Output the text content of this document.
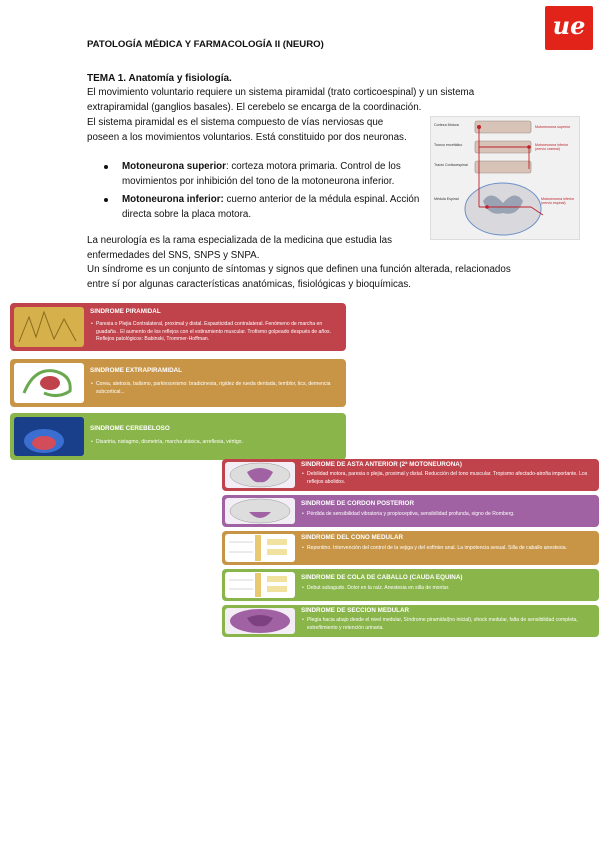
ue
PATOLOGÍA MÉDICA Y FARMACOLOGÍA II (NEURO)
TEMA 1. Anatomía y fisiología.

El movimiento voluntario requiere un sistema piramidal (trato corticoespinal) y un sistema extrapiramidal (ganglios basales). El cerebelo se encarga de la coordinación.

El sistema piramidal es el sistema compuesto de vías nerviosas que poseen a los movimientos voluntarios. Está constituido por dos neuronas.

Motoneurona superior: corteza motora primaria. Control de los movimientos por inhibición del tono de la motoneurona inferior.
Motoneurona inferior: cuerno anterior de la médula espinal. Acción directa sobre la placa motora.

La neurología es la rama especializada de la medicina que estudia las enfermedades del SNS, SNPS y SNPA.

Un síndrome es un conjunto de síntomas y signos que definen una función alterada, relacionados entre sí por algunas características anatómicas, fisiológicas y bioquímicas.

Corteza Motora
Tronco encefálico
Tracto Corticoespinal
Médula Espinal
Motoneurona superior
Motoneurona inferior (nervio craneal)
Motoneurona inferior (nervio espinal)
SINDROME PIRAMIDAL

• Paresia o Plejia Contralateral, proximal y distal. Espasticidad contralateral. Fenómeno de marcha en guadaña . El aumento de los reflejos con el estiramiento muscular. Trofismo golpeado después de años. Reflejos patológicos: Babinski, Trommer-Hoffman.

SINDROME EXTRAPIRAMIDAL

• Corea, atetosis, balismo, parkinsonismo: bradicinesia, rigidez de rueda dentada, temblor, tics, demencia subcortical...

SINDROME CEREBELOSO

• Disartria, nistagmo, dismetría, marcha atáxica, arreflexia, vértigo.

SINDROME DE ASTA ANTERIOR (2ª MOTONEURONA)

• Debilidad motora, paresia o plejia, proximal y distal. Reducción del tono muscular. Tropismo afectado-atrofia importante. Los reflejos abolidos.

SINDROME DE CORDON POSTERIOR

• Pérdida de sensibilidad vibratoria y propioceptiva, sensibilidad profunda, signo de Romberg.

SINDROME DEL CONO MEDULAR

• Repentino. Intervención del control de la vejiga y del esfínter anal. La impotencia sexual. Silla de caballo anestesia.

SINDROME DE COLA DE CABALLO (CAUDA EQUINA)

• Debut subagudo. Dolor en la raíz. Anestesia en silla de montar.

SINDROME DE SECCION MEDULAR

• Plegia hacia abajo desde el nivel medular, Síndrome piramidal(no inicial), shock medular, falta de sensibilidad completa, estreñimiento y retención urinaria.
